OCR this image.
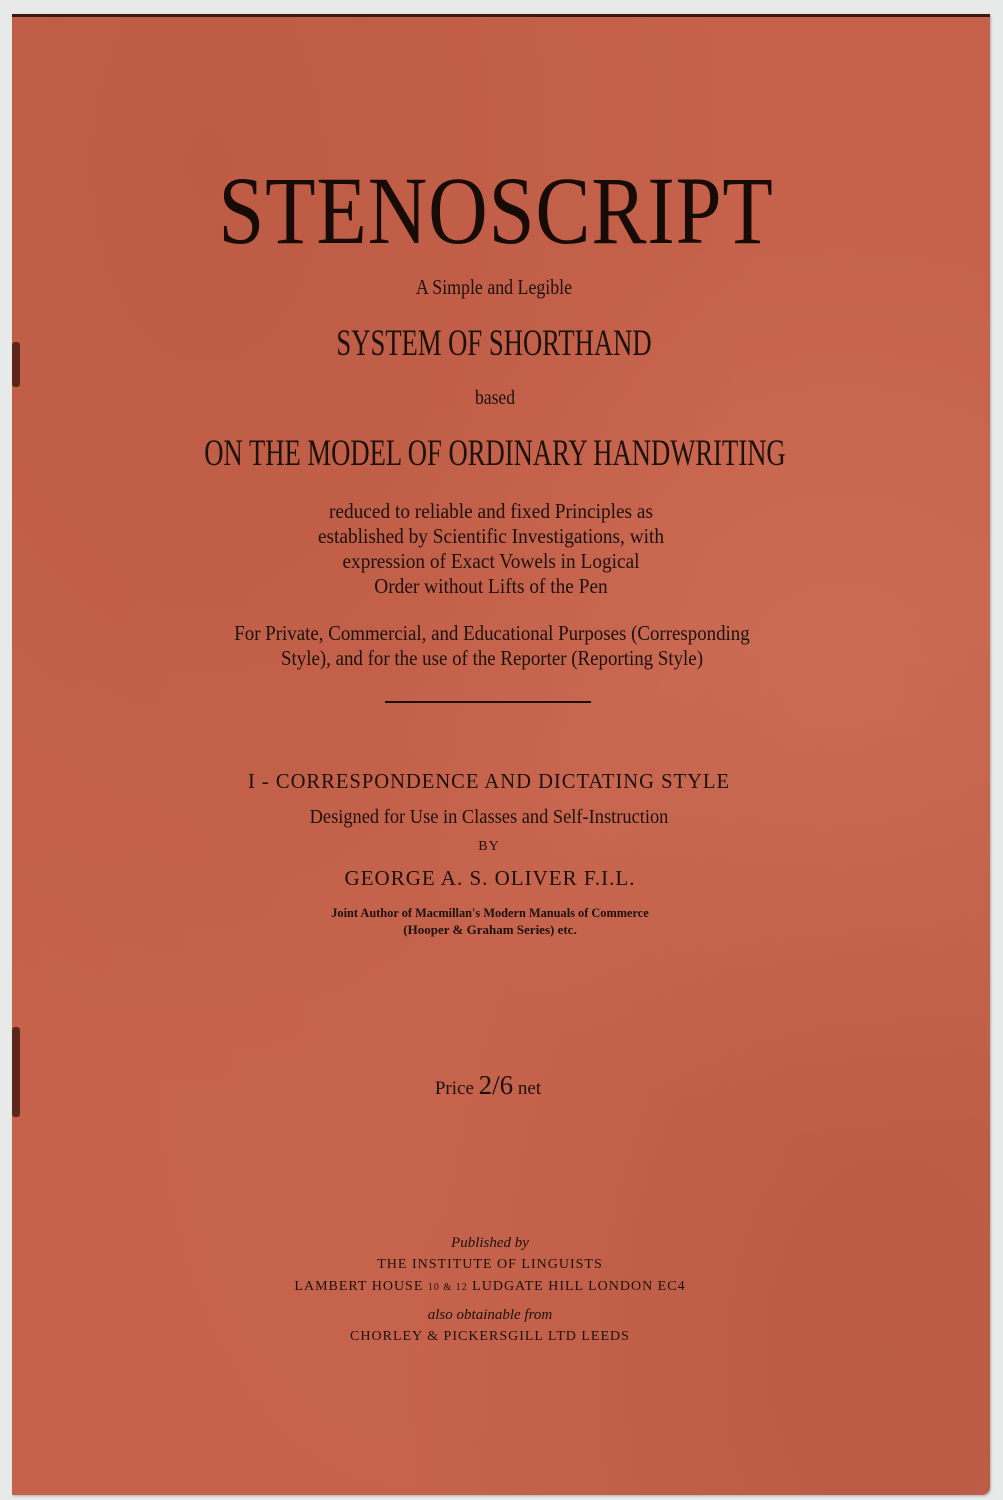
STENOSCRIPT
A Simple and Legible
SYSTEM OF SHORTHAND
based
ON THE MODEL OF ORDINARY HANDWRITING
reduced to reliable and fixed Principles as
established by Scientific Investigations, with
expression of Exact Vowels in Logical
Order without Lifts of the Pen
For Private, Commercial, and Educational Purposes (Corresponding
Style), and for the use of the Reporter (Reporting Style)
I - CORRESPONDENCE AND DICTATING STYLE
Designed for Use in Classes and Self-Instruction
BY
GEORGE A. S. OLIVER F.I.L.
Joint Author of Macmillan's Modern Manuals of Commerce
(Hooper & Graham Series) etc.
Price 2/6 net
Published by
THE INSTITUTE OF LINGUISTS
LAMBERT HOUSE 10 & 12 LUDGATE HILL LONDON EC4
also obtainable from
CHORLEY & PICKERSGILL LTD LEEDS
